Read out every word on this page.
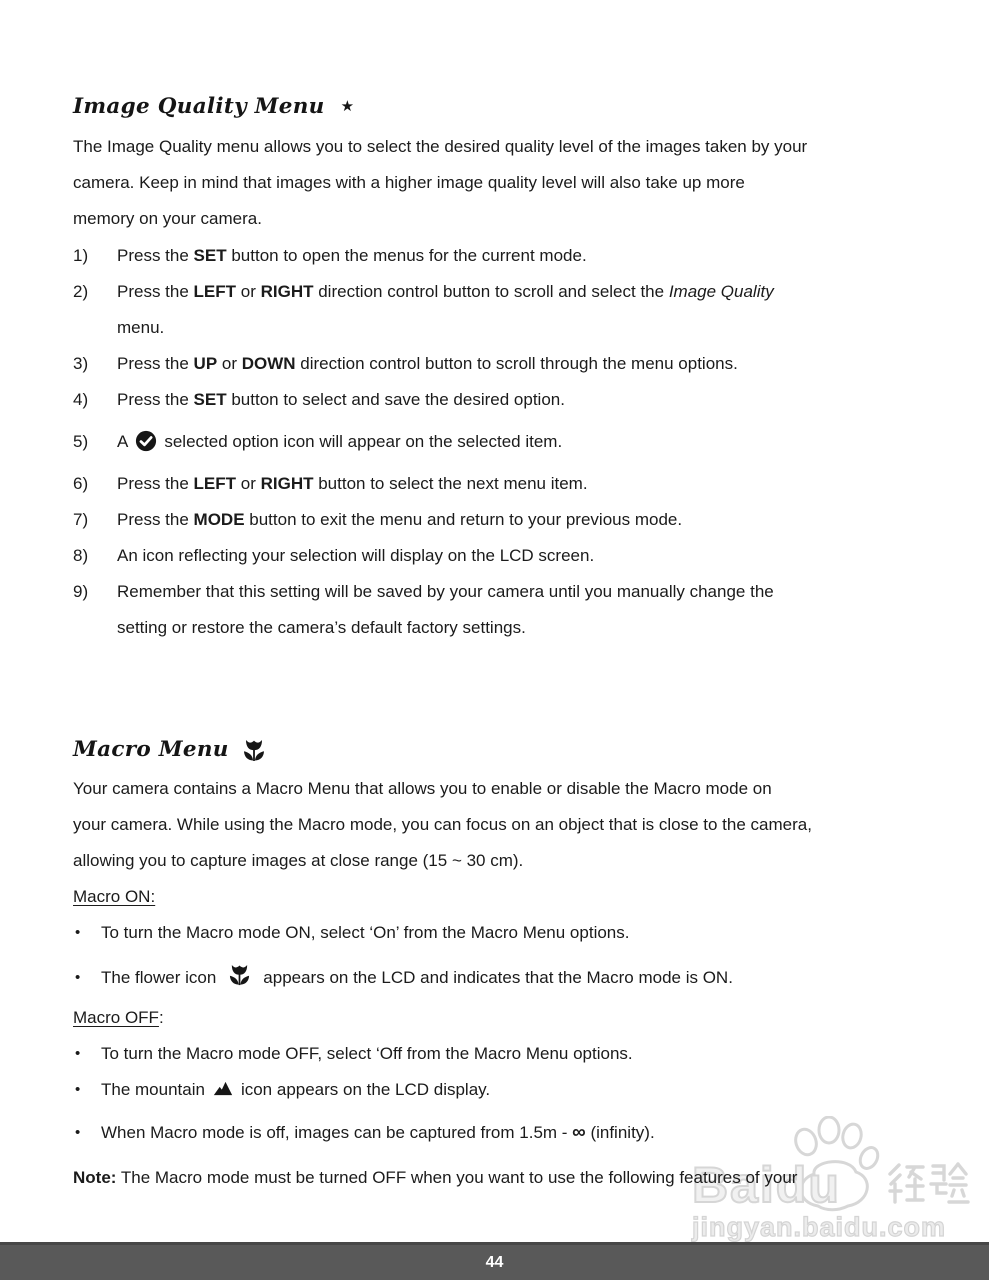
Baidu
jingyan.baidu.com
Image Quality Menu ★

The Image Quality menu allows you to select the desired quality level of the images taken by your
camera. Keep in mind that images with a higher image quality level will also take up more
memory on your camera.

1) Press the SET button to open the menus for the current mode.
2) Press the LEFT or RIGHT direction control button to scroll and select the Image Quality
menu.
3) Press the UP or DOWN direction control button to scroll through the menu options.
4) Press the SET button to select and save the desired option.
5) A selected option icon will appear on the selected item.
6) Press the LEFT or RIGHT button to select the next menu item.
7) Press the MODE button to exit the menu and return to your previous mode.
8) An icon reflecting your selection will display on the LCD screen.
9) Remember that this setting will be saved by your camera until you manually change the
setting or restore the camera’s default factory settings.
Macro Menu

Your camera contains a Macro Menu that allows you to enable or disable the Macro mode on
your camera. While using the Macro mode, you can focus on an object that is close to the camera,
allowing you to capture images at close range (15 ~ 30 cm).

Macro ON:
• To turn the Macro mode ON, select ‘On’ from the Macro Menu options.
• The flower icon	appears on the LCD and indicates that the Macro mode is ON.
Macro OFF:
• To turn the Macro mode OFF, select ‘Off from the Macro Menu options.
• The mountain icon appears on the LCD display.
• When Macro mode is off, images can be captured from 1.5m - ∞ (infinity).

Note: The Macro mode must be turned OFF when you want to use the following features of your

44
